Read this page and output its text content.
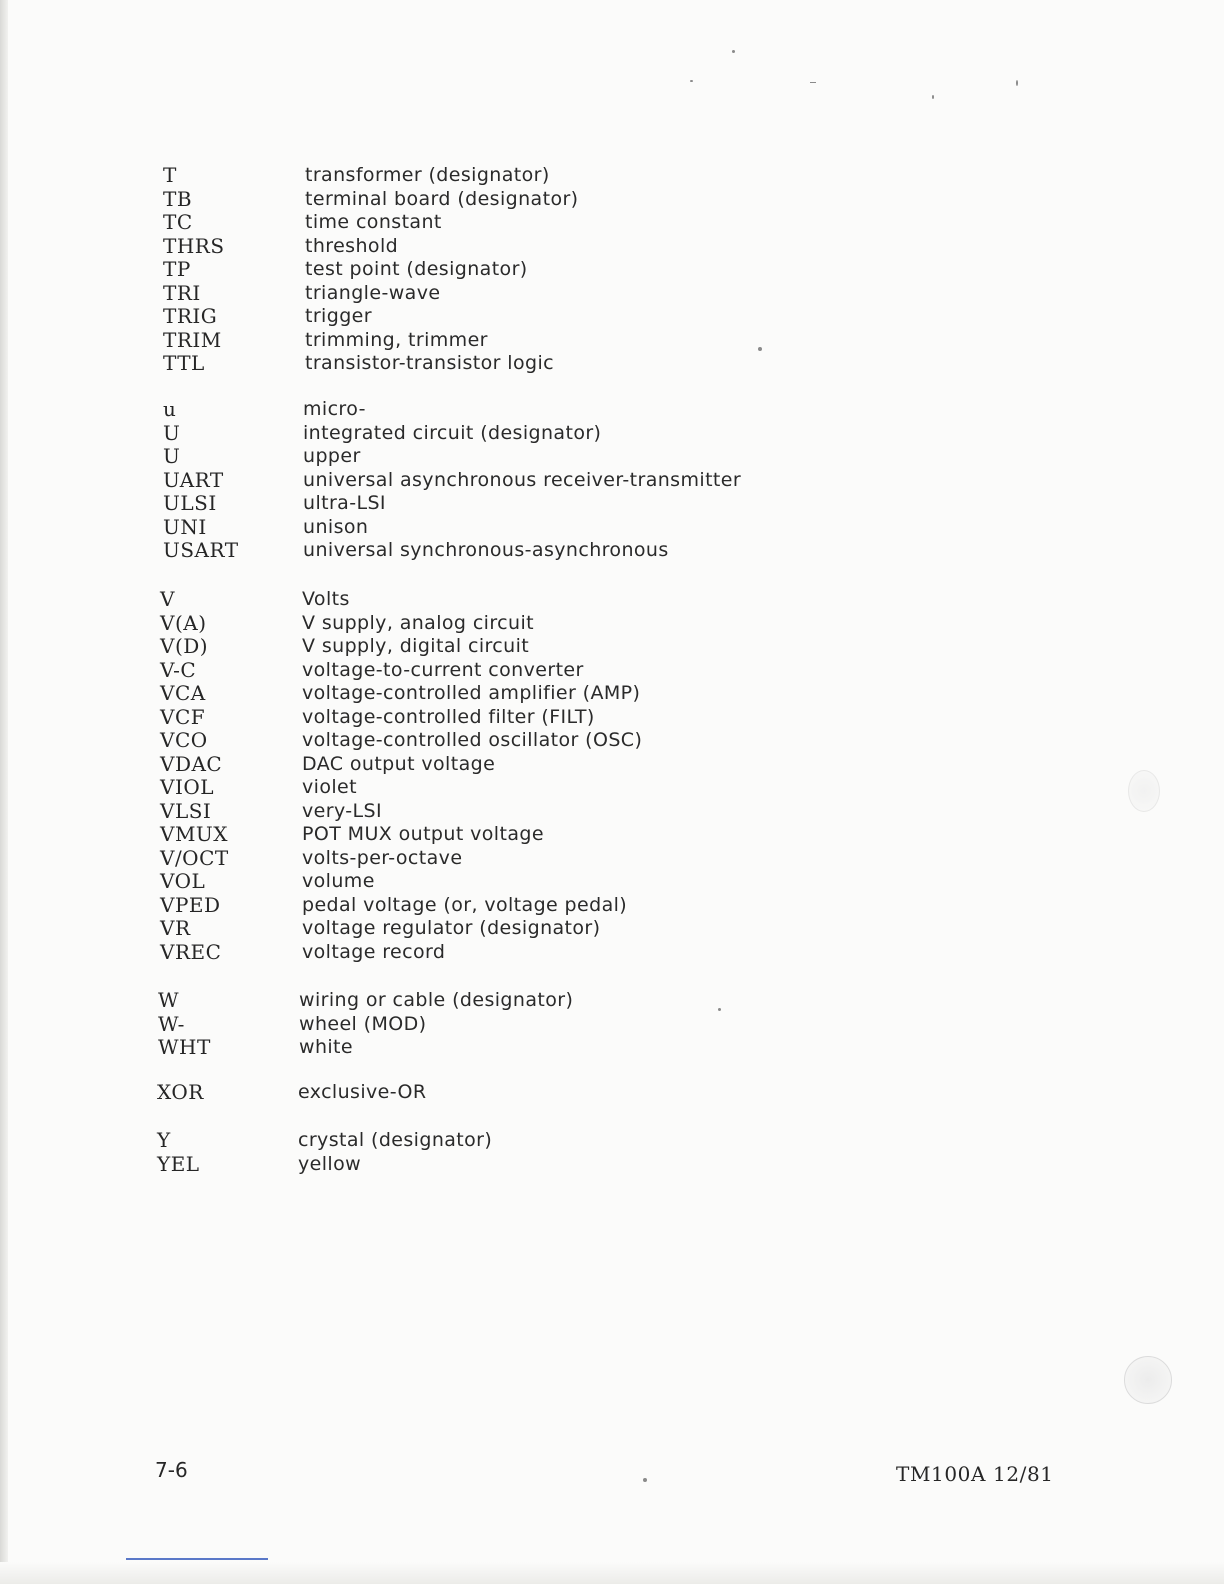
T	transformer (designator)
TB	terminal board (designator)
TC	time constant
THRS	threshold
TP	test point (designator)
TRI	triangle-wave
TRIG	trigger
TRIM	trimming, trimmer
TTL	transistor-transistor logic
u	micro-
U	integrated circuit (designator)
U	upper
UART	universal asynchronous receiver-transmitter
ULSI	ultra-LSI
UNI	unison
USART	universal synchronous-asynchronous
V	Volts
V(A)	V supply, analog circuit
V(D)	V supply, digital circuit
V-C	voltage-to-current converter
VCA	voltage-controlled amplifier (AMP)
VCF	voltage-controlled filter (FILT)
VCO	voltage-controlled oscillator (OSC)
VDAC	DAC output voltage
VIOL	violet
VLSI	very-LSI
VMUX	POT MUX output voltage
V/OCT	volts-per-octave
VOL	volume
VPED	pedal voltage (or, voltage pedal)
VR	voltage regulator (designator)
VREC	voltage record
W	wiring or cable (designator)
W-	wheel (MOD)
WHT	white
XOR	exclusive-OR
Y	crystal (designator)
YEL	yellow
7-6	TM100A 12/81
